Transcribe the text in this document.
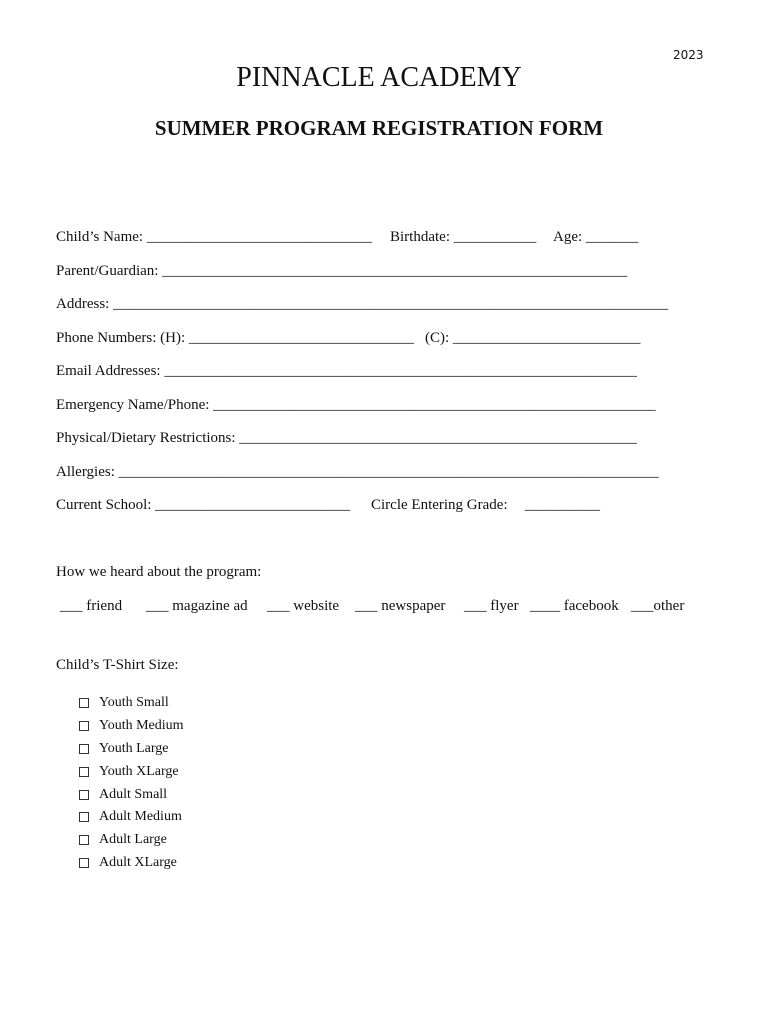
2023
PINNACLE ACADEMY
SUMMER PROGRAM REGISTRATION FORM
Child’s Name: ______________________________ Birthdate: ___________ Age: _______
Parent/Guardian: ______________________________________________________________
Address: __________________________________________________________________________
Phone Numbers: (H): ______________________________ (C): _________________________
Email Addresses: _______________________________________________________________
Emergency Name/Phone: ___________________________________________________________
Physical/Dietary Restrictions: _____________________________________________________
Allergies: ________________________________________________________________________
Current School: __________________________ Circle Entering Grade: __________
How we heard about the program:
___ friend ___ magazine ad ___ website ___ newspaper ___ flyer ____ facebook ___other
Child’s T-Shirt Size:
Youth Small
Youth Medium
Youth Large
Youth XLarge
Adult Small
Adult Medium
Adult Large
Adult XLarge
